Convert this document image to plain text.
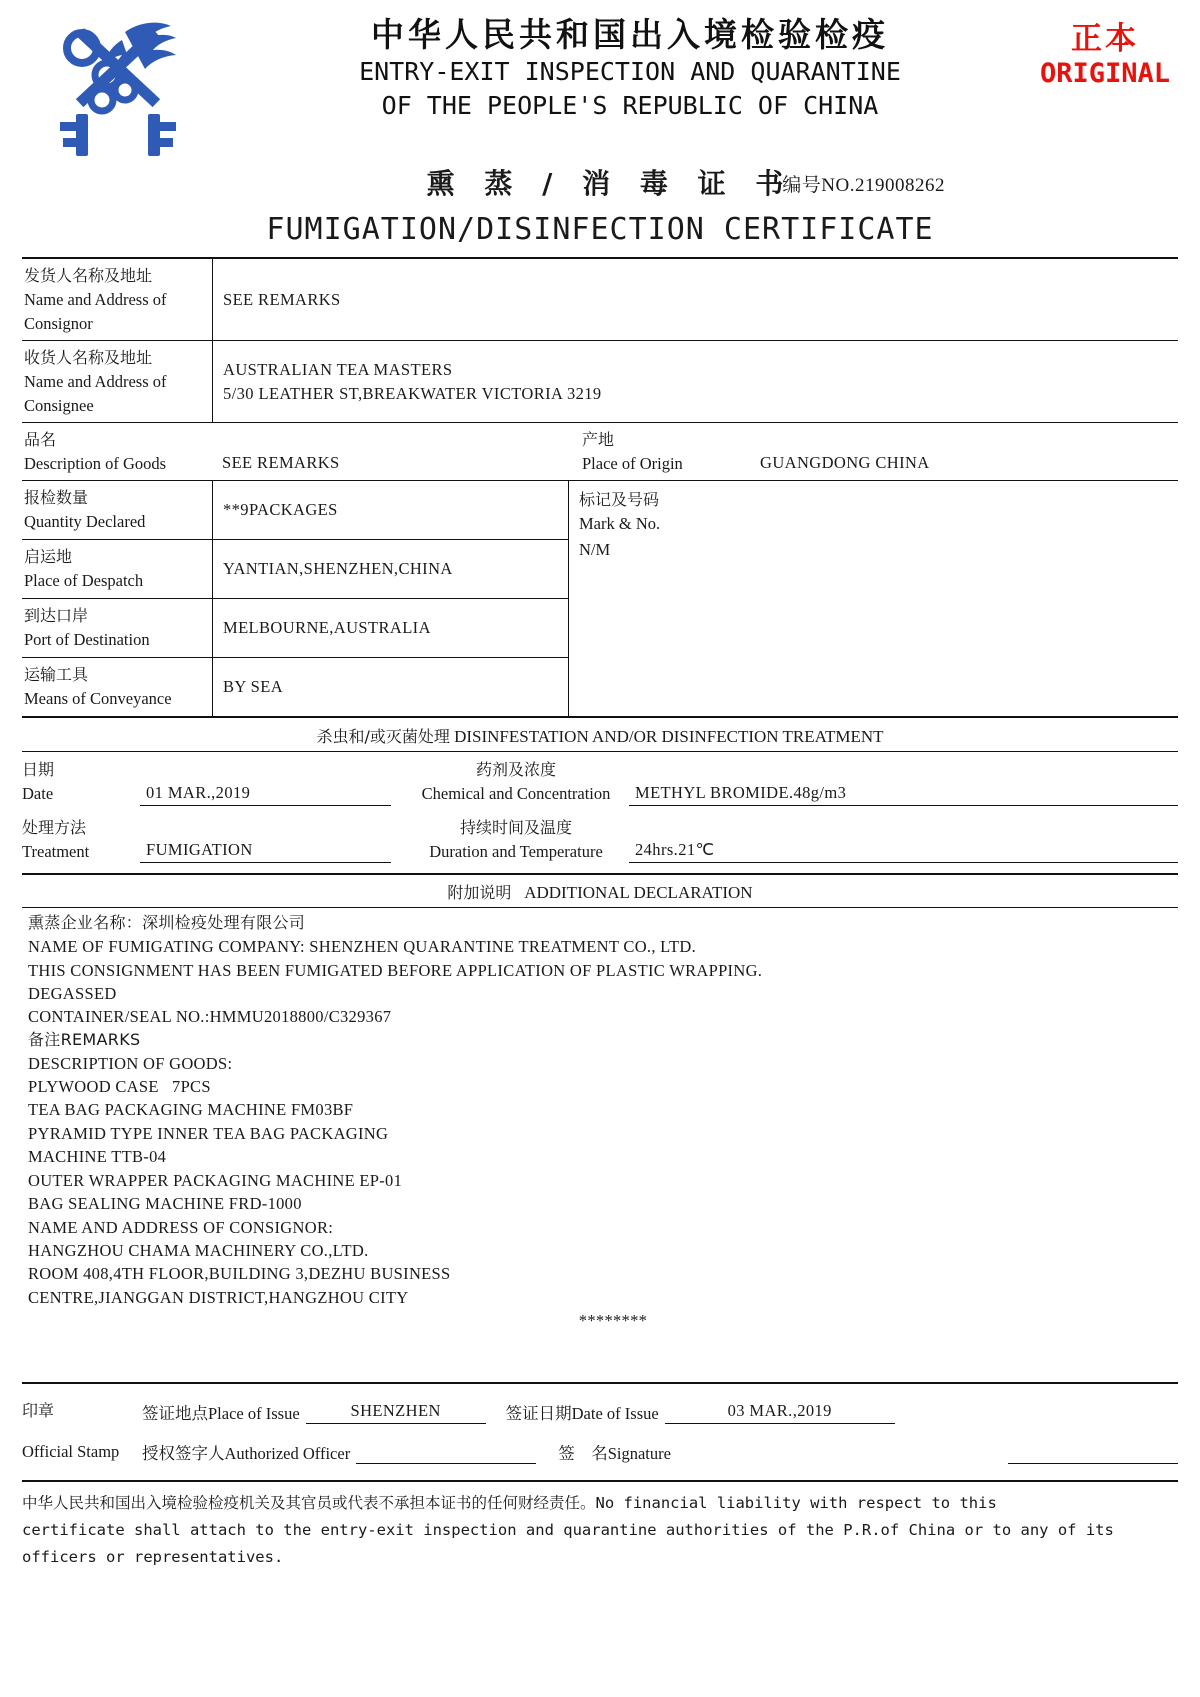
中华人民共和国出入境检验检疫
ENTRY-EXIT INSPECTION AND QUARANTINE
OF THE PEOPLE'S REPUBLIC OF CHINA
正本
ORIGINAL
熏 蒸 / 消 毒 证 书
编号NO.219008262
FUMIGATION/DISINFECTION CERTIFICATE
发货人名称及地址
Name and Address of Consignor
SEE REMARKS
收货人名称及地址
Name and Address of Consignee
AUSTRALIAN TEA MASTERS
5/30 LEATHER ST,BREAKWATER VICTORIA 3219
品名
Description of Goods	SEE REMARKS
产地
Place of Origin	GUANGDONG CHINA
报检数量
Quantity Declared
**9PACKAGES
启运地
Place of Despatch
YANTIAN,SHENZHEN,CHINA
到达口岸
Port of Destination
MELBOURNE,AUSTRALIA
运输工具
Means of Conveyance
BY SEA
标记及号码
Mark & No.
N/M
杀虫和/或灭菌处理 DISINFESTATION AND/OR DISINFECTION TREATMENT
日期
Date	01 MAR.,2019
药剂及浓度
Chemical and Concentration	METHYL BROMIDE.48g/m3
处理方法
Treatment	FUMIGATION
持续时间及温度
Duration and Temperature	24hrs.21℃
附加说明 ADDITIONAL DECLARATION
熏蒸企业名称：深圳检疫处理有限公司
NAME OF FUMIGATING COMPANY: SHENZHEN QUARANTINE TREATMENT CO., LTD.
THIS CONSIGNMENT HAS BEEN FUMIGATED BEFORE APPLICATION OF PLASTIC WRAPPING.
DEGASSED
CONTAINER/SEAL NO.:HMMU2018800/C329367
备注REMARKS
DESCRIPTION OF GOODS:
PLYWOOD CASE   7PCS
TEA BAG PACKAGING MACHINE FM03BF
PYRAMID TYPE INNER TEA BAG PACKAGING
MACHINE TTB-04
OUTER WRAPPER PACKAGING MACHINE EP-01
BAG SEALING MACHINE FRD-1000
NAME AND ADDRESS OF CONSIGNOR:
HANGZHOU CHAMA MACHINERY CO.,LTD.
ROOM 408,4TH FLOOR,BUILDING 3,DEZHU BUSINESS
CENTRE,JIANGGAN DISTRICT,HANGZHOU CITY
********
印章	签证地点Place of Issue	SHENZHEN	签证日期Date of Issue	03 MAR.,2019
Official Stamp	授权签字人Authorized Officer	签　名Signature
中华人民共和国出入境检验检疫机关及其官员或代表不承担本证书的任何财经责任。No financial liability with respect to this
certificate shall attach to the entry-exit inspection and quarantine authorities of the P.R.of China or to any of its
officers or representatives.
